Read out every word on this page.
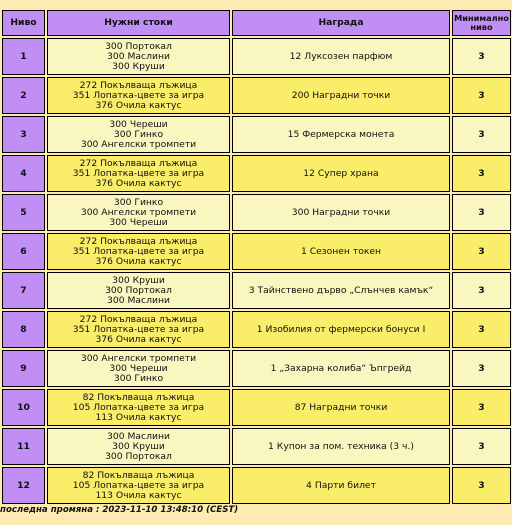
Ниво	Нужни стоки	Награда	Минимално
ниво

1	300 Портокал
300 Маслини
300 Круши	12 Луксозен парфюм	3
2	272 Покълваща лъжица
351 Лопатка-цвете за игра
376 Очила кактус	200 Наградни точки	3
3	300 Череши
300 Гинко
300 Ангелски тромпети	15 Фермерска монета	3
4	272 Покълваща лъжица
351 Лопатка-цвете за игра
376 Очила кактус	12 Супер храна	3
5	300 Гинко
300 Ангелски тромпети
300 Череши	300 Наградни точки	3
6	272 Покълваща лъжица
351 Лопатка-цвете за игра
376 Очила кактус	1 Сезонен токен	3
7	300 Круши
300 Портокал
300 Маслини	3 Тайнствено дърво „Слънчев камък“	3
8	272 Покълваща лъжица
351 Лопатка-цвете за игра
376 Очила кактус	1 Изобилия от фермерски бонуси I	3
9	300 Ангелски тромпети
300 Череши
300 Гинко	1 „Захарна колиба“ Ъпгрейд	3
10	82 Покълваща лъжица
105 Лопатка-цвете за игра
113 Очила кактус	87 Наградни точки	3
11	300 Маслини
300 Круши
300 Портокал	1 Купон за пом. техника (3 ч.)	3
12	82 Покълваща лъжица
105 Лопатка-цвете за игра
113 Очила кактус	4 Парти билет	3
последна промяна : 2023-11-10 13:48:10 (CEST)
